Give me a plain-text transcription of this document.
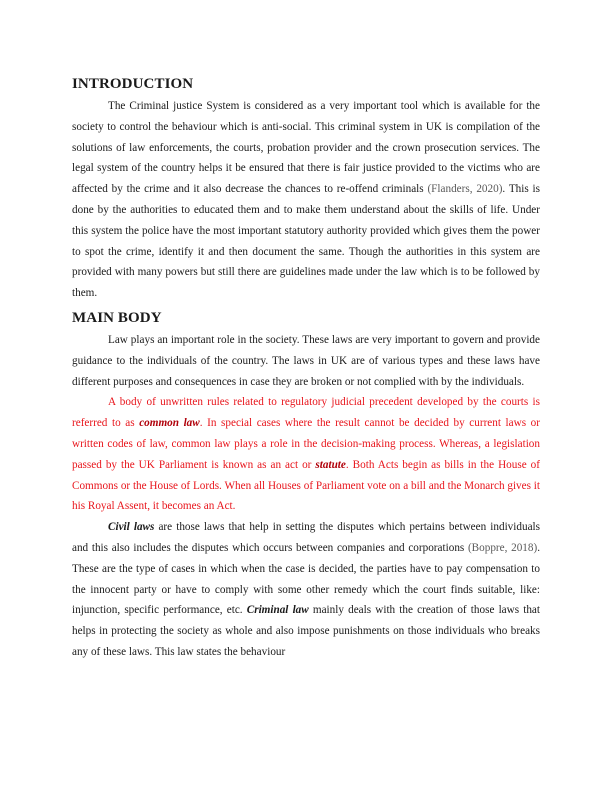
INTRODUCTION

The Criminal justice System is considered as a very important tool which is available for the society to control the behaviour which is anti-social. This criminal system in UK is compilation of the solutions of law enforcements, the courts, probation provider and the crown prosecution services. The legal system of the country helps it be ensured that there is fair justice provided to the victims who are affected by the crime and it also decrease the chances to re-offend criminals (Flanders, 2020). This is done by the authorities to educated them and to make them understand about the skills of life. Under this system the police have the most important statutory authority provided which gives them the power to spot the crime, identify it and then document the same. Though the authorities in this system are provided with many powers but still there are guidelines made under the law which is to be followed by them.

MAIN BODY

Law plays an important role in the society. These laws are very important to govern and provide guidance to the individuals of the country. The laws in UK are of various types and these laws have different purposes and consequences in case they are broken or not complied with by the individuals.

A body of unwritten rules related to regulatory judicial precedent developed by the courts is referred to as common law. In special cases where the result cannot be decided by current laws or written codes of law, common law plays a role in the decision-making process. Whereas, a legislation passed by the UK Parliament is known as an act or statute. Both Acts begin as bills in the House of Commons or the House of Lords. When all Houses of Parliament vote on a bill and the Monarch gives it his Royal Assent, it becomes an Act.

Civil laws are those laws that help in setting the disputes which pertains between individuals and this also includes the disputes which occurs between companies and corporations (Boppre, 2018). These are the type of cases in which when the case is decided, the parties have to pay compensation to the innocent party or have to comply with some other remedy which the court finds suitable, like: injunction, specific performance, etc. Criminal law mainly deals with the creation of those laws that helps in protecting the society as whole and also impose punishments on those individuals who breaks any of these laws. This law states the behaviour
